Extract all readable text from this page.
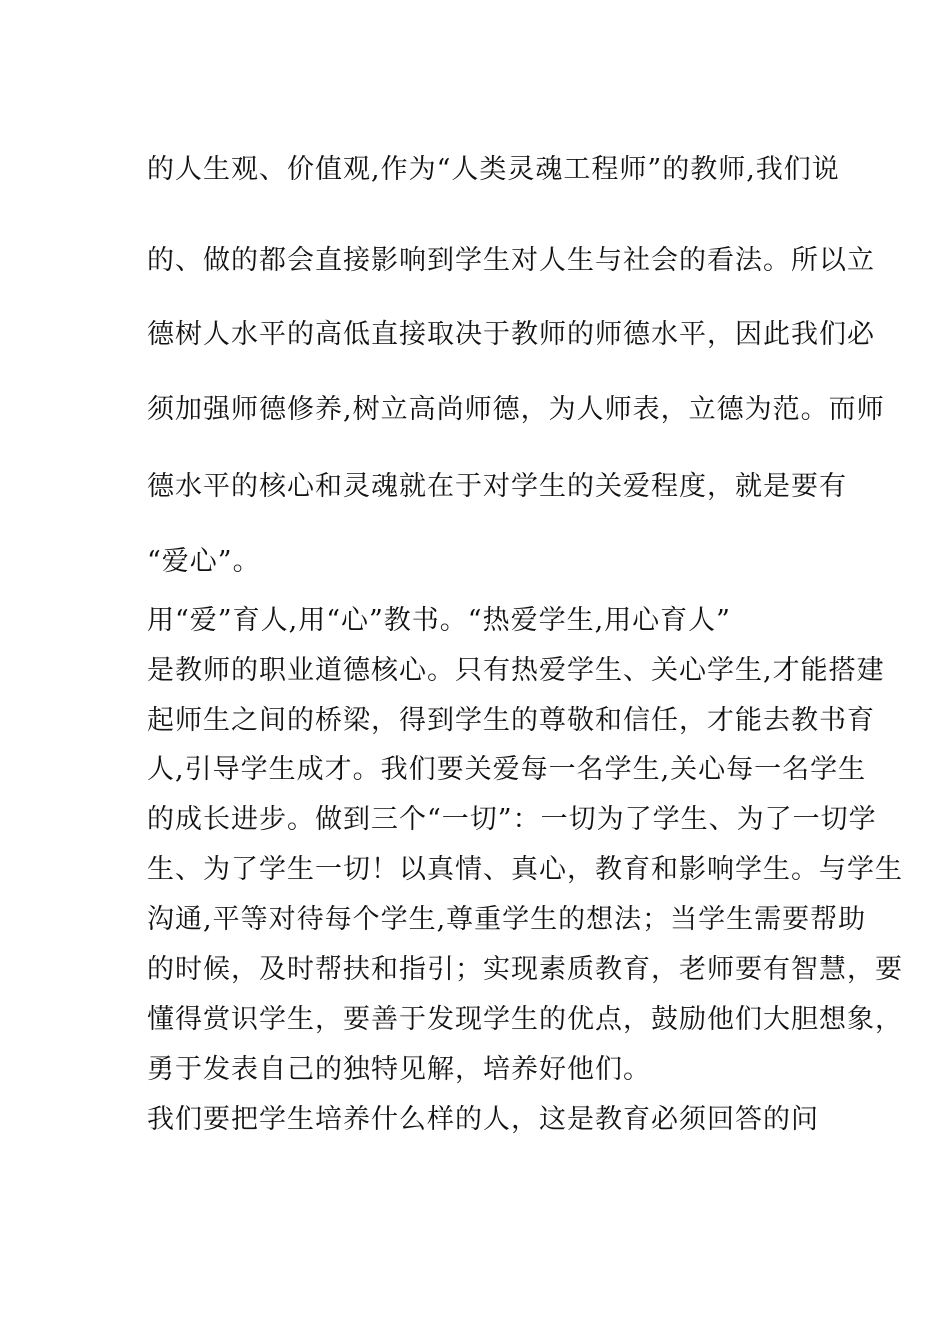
的人生观、价值观,作为“人类灵魂工程师”的教师,我们说
的、做的都会直接影响到学生对人生与社会的看法。所以立
德树人水平的高低直接取决于教师的师德水平，因此我们必
须加强师德修养,树立高尚师德，为人师表，立德为范。而师
德水平的核心和灵魂就在于对学生的关爱程度，就是要有
“爱心”。
用“爱”育人,用“心”教书。“热爱学生,用心育人”
是教师的职业道德核心。只有热爱学生、关心学生,才能搭建
起师生之间的桥梁，得到学生的尊敬和信任，才能去教书育
人,引导学生成才。我们要关爱每一名学生,关心每一名学生
的成长进步。做到三个“一切”：一切为了学生、为了一切学
生、为了学生一切！以真情、真心，教育和影响学生。与学生
沟通,平等对待每个学生,尊重学生的想法；当学生需要帮助
的时候，及时帮扶和指引；实现素质教育，老师要有智慧，要
懂得赏识学生，要善于发现学生的优点，鼓励他们大胆想象，
勇于发表自己的独特见解，培养好他们。
我们要把学生培养什么样的人，这是教育必须回答的问
